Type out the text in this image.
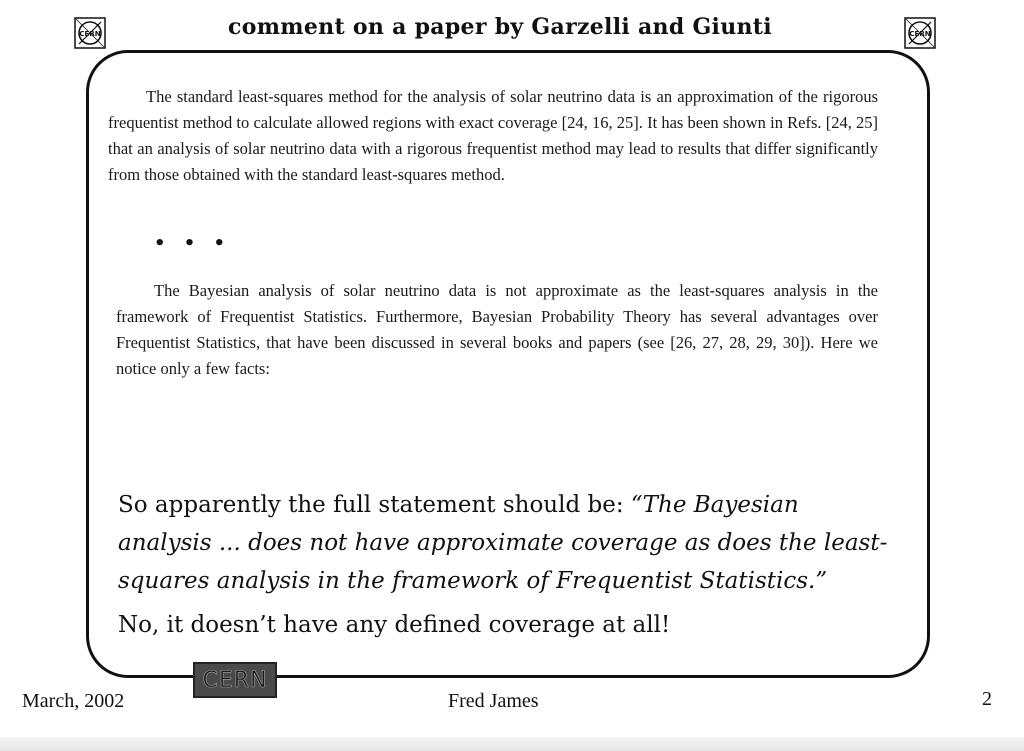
CERN	comment on a paper by Garzelli and Giunti	CERN

The standard least-squares method for the analysis of solar neutrino data is an approximation of the rigorous frequentist method to calculate allowed regions with exact coverage [24, 16, 25]. It has been shown in Refs. [24, 25] that an analysis of solar neutrino data with a rigorous frequentist method may lead to results that differ significantly from those obtained with the standard least-squares method.

• • •

The Bayesian analysis of solar neutrino data is not approximate as the least-squares analysis in the framework of Frequentist Statistics. Furthermore, Bayesian Probability Theory has several advantages over Frequentist Statistics, that have been discussed in several books and papers (see [26, 27, 28, 29, 30]). Here we notice only a few facts:

So apparently the full statement should be: “The Bayesian analysis ... does not have approximate coverage as does the least-squares analysis in the framework of Frequentist Statistics.”

No, it doesn’t have any defined coverage at all!

CERN
March, 2002	Fred James	2
